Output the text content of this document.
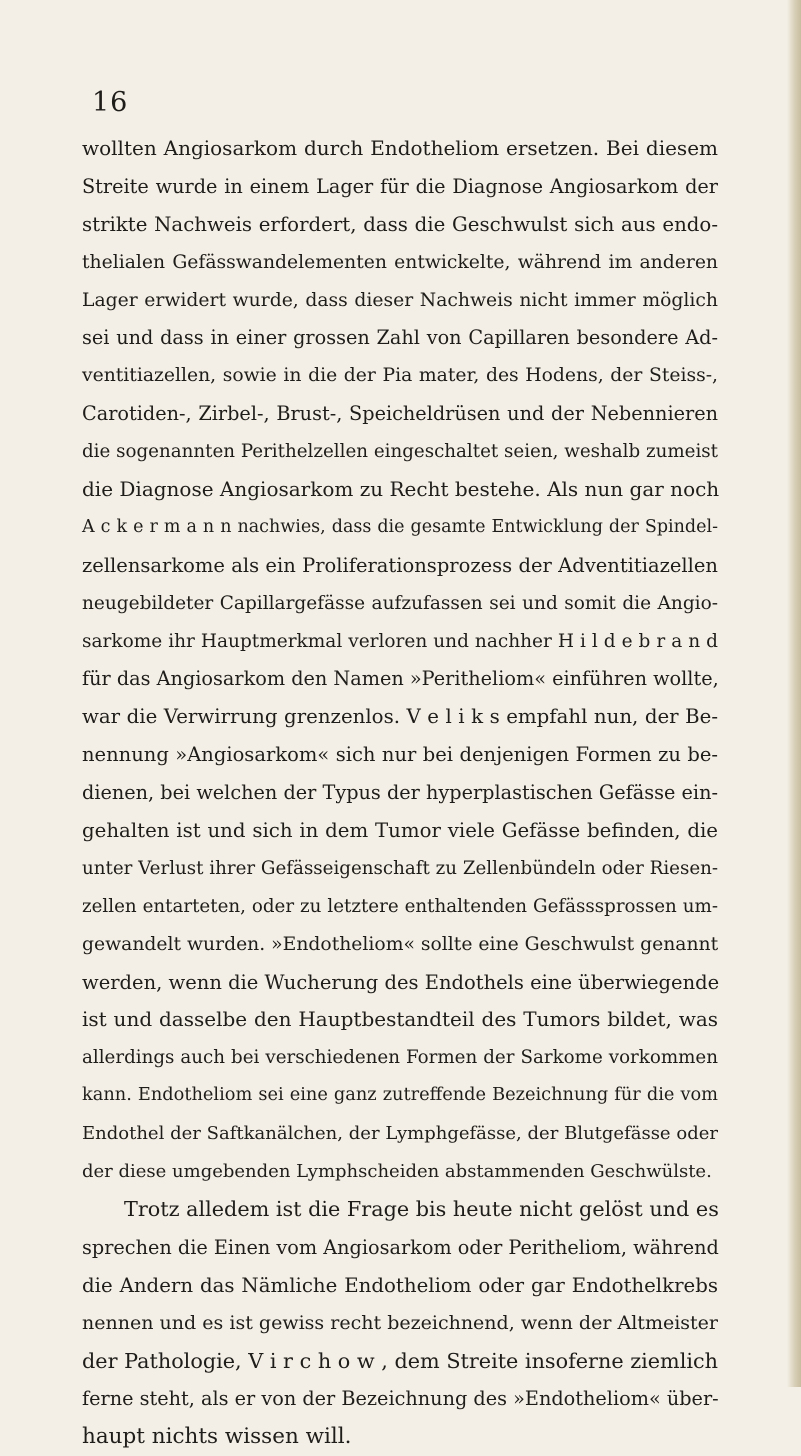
16
wollten Angiosarkom durch Endotheliom ersetzen. Bei diesem
Streite wurde in einem Lager für die Diagnose Angiosarkom der
strikte Nachweis erfordert, dass die Geschwulst sich aus endo-
thelialen Gefässwandelementen entwickelte, während im anderen
Lager erwidert wurde, dass dieser Nachweis nicht immer möglich
sei und dass in einer grossen Zahl von Capillaren besondere Ad-
ventitiazellen, sowie in die der Pia mater, des Hodens, der Steiss-,
Carotiden-, Zirbel-, Brust-, Speicheldrüsen und der Nebennieren
die sogenannten Perithelzellen eingeschaltet seien, weshalb zumeist
die Diagnose Angiosarkom zu Recht bestehe. Als nun gar noch
A c k e r m a n n nachwies, dass die gesamte Entwicklung der Spindel-
zellensarkome als ein Proliferationsprozess der Adventitiazellen
neugebildeter Capillargefässe aufzufassen sei und somit die Angio-
sarkome ihr Hauptmerkmal verloren und nachher H i l d e b r a n d
für das Angiosarkom den Namen »Peritheliom« einführen wollte,
war die Verwirrung grenzenlos. V e l i k s empfahl nun, der Be-
nennung »Angiosarkom« sich nur bei denjenigen Formen zu be-
dienen, bei welchen der Typus der hyperplastischen Gefässe ein-
gehalten ist und sich in dem Tumor viele Gefässe befinden, die
unter Verlust ihrer Gefässeigenschaft zu Zellenbündeln oder Riesen-
zellen entarteten, oder zu letztere enthaltenden Gefässsprossen um-
gewandelt wurden. »Endotheliom« sollte eine Geschwulst genannt
werden, wenn die Wucherung des Endothels eine überwiegende
ist und dasselbe den Hauptbestandteil des Tumors bildet, was
allerdings auch bei verschiedenen Formen der Sarkome vorkommen
kann. Endotheliom sei eine ganz zutreffende Bezeichnung für die vom
Endothel der Saftkanälchen, der Lymphgefässe, der Blutgefässe oder
der diese umgebenden Lymphscheiden abstammenden Geschwülste.
Trotz alledem ist die Frage bis heute nicht gelöst und es
sprechen die Einen vom Angiosarkom oder Peritheliom, während
die Andern das Nämliche Endotheliom oder gar Endothelkrebs
nennen und es ist gewiss recht bezeichnend, wenn der Altmeister
der Pathologie, V i r c h o w , dem Streite insoferne ziemlich
ferne steht, als er von der Bezeichnung des »Endotheliom« über-
haupt nichts wissen will.
